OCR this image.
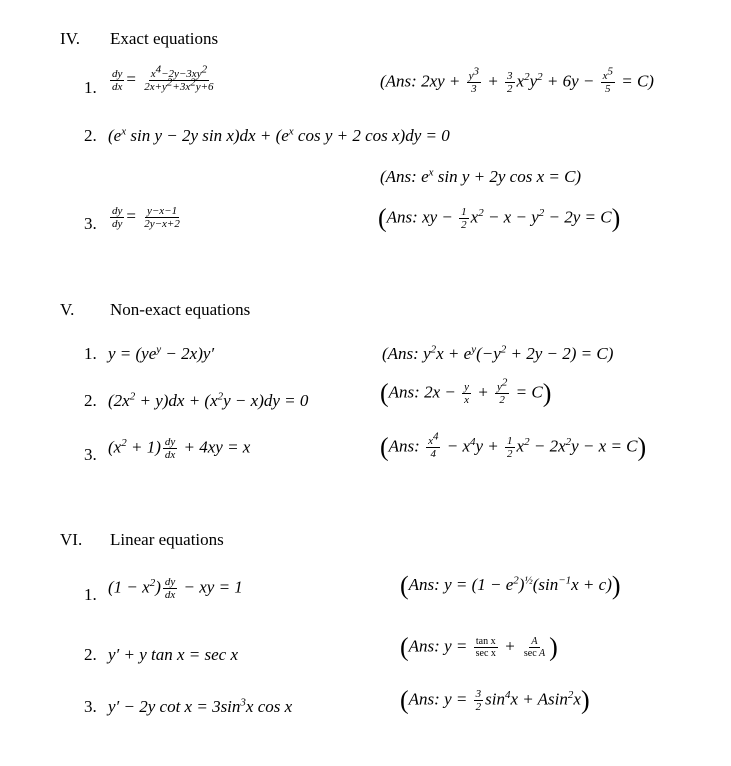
IV. Exact equations
1. $\frac{dy}{dx} = \frac{x^4-2y-3xy^2}{2x+y^2+3x^2y+6}$	(Ans: $2xy + \frac{y^3}{3} + \frac{3}{2} x^2y^2 + 6y - \frac{x^5}{5} = C$)
2. ($e^x$ sin y − 2y $\sin x)dx + (e^x$ cos y + 2 cos x)dy = 0
(Ans: $e^x$ sin y + 2y cos x = C)
3. $\frac{dy}{dy} = \frac{y-x-1}{2y-x+2}$	(Ans: xy − $\frac{1}{2} x^2 - x - y^2 - 2y = C$)
V. Non-exact equations
1. $y = (ye^y - 2x)y'$	(Ans: $y^2x + e^y(-y^2 + 2y - 2) = C$)
2. $(2x^2 + y)dx + (x^2y - x)dy = 0$	(Ans: $2x - \frac{y}{x} + \frac{y^2}{2} = C$)
3. $(x^2 + 1) \frac{dy}{dx} + 4xy = x$	(Ans: $\frac{x^4}{4} - x^4y + \frac{1}{2} x^2 - 2x^2y - x = C$)
VI. Linear equations
1. $(1 - x^2) \frac{dy}{dx}$ − xy = 1	(Ans: $y = (1 - e^2)^{\frac{1}{2}}(\sin^{-1}x + c)$)
2. y′ + y tan x = sec x	(Ans: $y = \frac{\text{tan x}}{\text{sec x}} + \frac{A}{\text{sec A}}$ )
3. y′ − 2y $\cot x = 3\sin^3x$ cos x	(Ans: $y = \frac{3}{2} \sin^4x + Asin^2x$)
